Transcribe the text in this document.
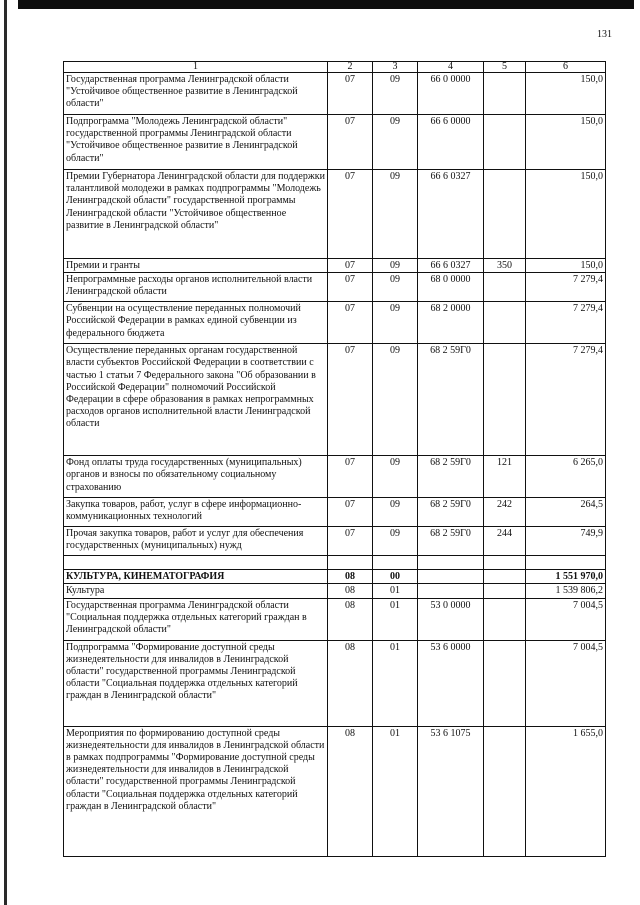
131
1	2	3	4	5	6
Государственная программа Ленинградской области "Устойчивое общественное развитие в Ленинградской области"	07	09	66 0 0000		150,0
Подпрограмма "Молодежь Ленинградской области" государственной программы Ленинградской области "Устойчивое общественное развитие в Ленинградской области"	07	09	66 6 0000		150,0
Премии Губернатора Ленинградской области для поддержки талантливой молодежи в рамках подпрограммы "Молодежь Ленинградской области" государственной программы Ленинградской области "Устойчивое общественное развитие в Ленинградской области"	07	09	66 6 0327		150,0
Премии и гранты	07	09	66 6 0327	350	150,0
Непрограммные расходы органов исполнительной власти Ленинградской области	07	09	68 0 0000		7 279,4
Субвенции на осуществление переданных полномочий Российской Федерации в рамках единой субвенции из федерального бюджета	07	09	68 2 0000		7 279,4
Осуществление переданных органам государственной власти субъектов Российской Федерации в соответствии с частью 1 статьи 7 Федерального закона "Об образовании в Российской Федерации" полномочий Российской Федерации в сфере образования в рамках непрограммных расходов органов исполнительной власти Ленинградской области	07	09	68 2 59Г0		7 279,4
Фонд оплаты труда государственных (муниципальных) органов и взносы по обязательному социальному страхованию	07	09	68 2 59Г0	121	6 265,0
Закупка товаров, работ, услуг в сфере информационно-коммуникационных технологий	07	09	68 2 59Г0	242	264,5
Прочая закупка товаров, работ и услуг для обеспечения государственных (муниципальных) нужд	07	09	68 2 59Г0	244	749,9

КУЛЬТУРА, КИНЕМАТОГРАФИЯ	08	00			1 551 970,0
Культура	08	01			1 539 806,2
Государственная программа Ленинградской области "Социальная поддержка отдельных категорий граждан в Ленинградской области"	08	01	53 0 0000		7 004,5
Подпрограмма "Формирование доступной среды жизнедеятельности для инвалидов в Ленинградской области" государственной программы Ленинградской области "Социальная поддержка отдельных категорий граждан в Ленинградской области"	08	01	53 6 0000		7 004,5
Мероприятия по формированию доступной среды жизнедеятельности для инвалидов в Ленинградской области в рамках подпрограммы "Формирование доступной среды жизнедеятельности для инвалидов в Ленинградской области" государственной программы Ленинградской области "Социальная поддержка отдельных категорий граждан в Ленинградской области"	08	01	53 6 1075		1 655,0
